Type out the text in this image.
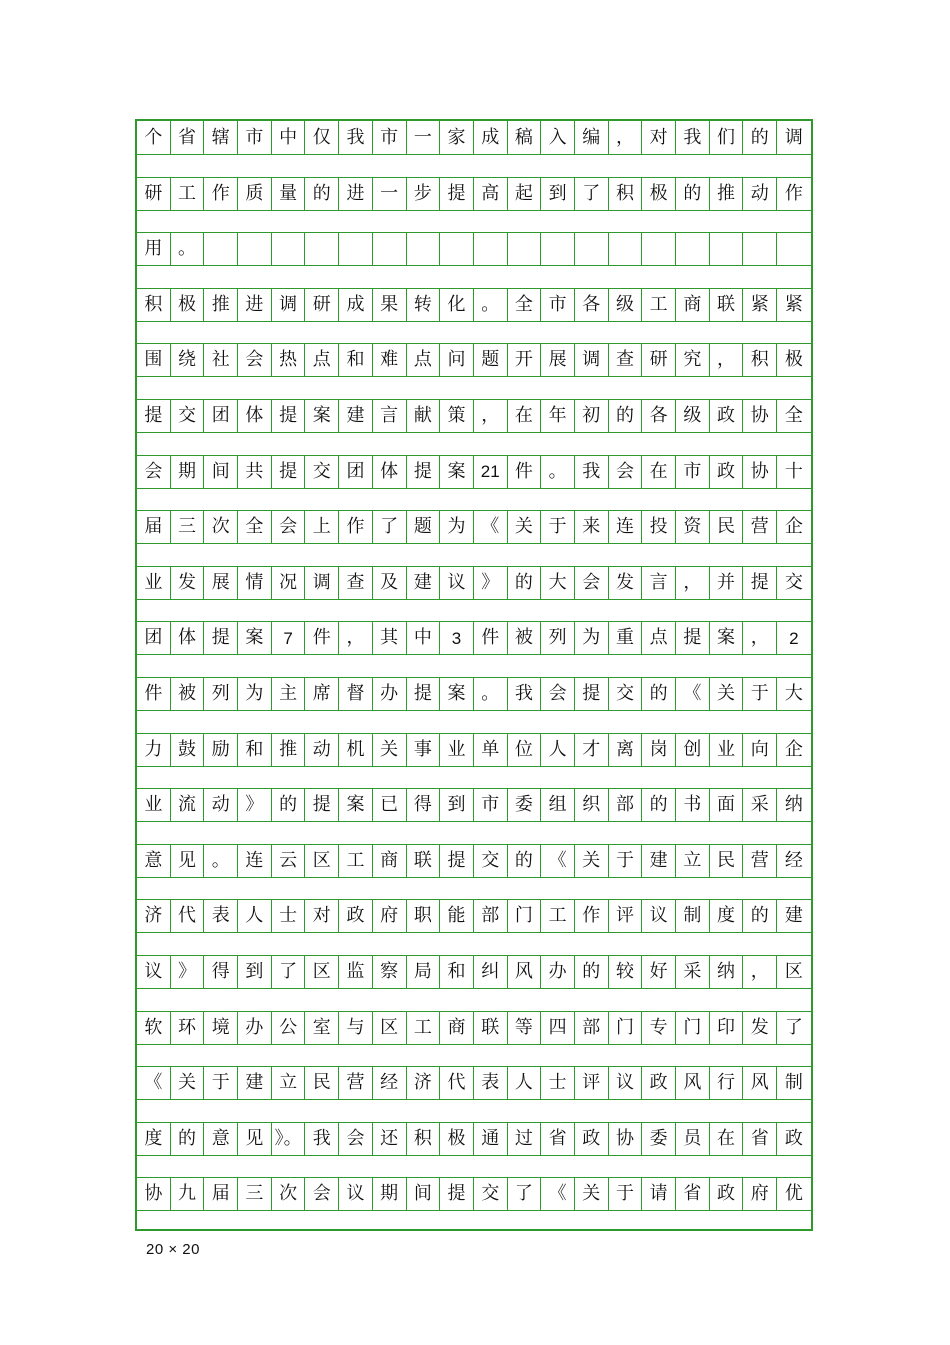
个 省 辖 市 中 仅 我 市 一 家 成 稿 入 编 ， 对 我 们 的 调
研 工 作 质 量 的 进 一 步 提 高 起 到 了 积 极 的 推 动 作
用 。
积 极 推 进 调 研 成 果 转 化 。 全 市 各 级 工 商 联 紧 紧
围 绕 社 会 热 点 和 难 点 问 题 开 展 调 查 研 究 ， 积 极
提 交 团 体 提 案 建 言 献 策 ， 在 年 初 的 各 级 政 协 全
会 期 间 共 提 交 团 体 提 案 21 件 。 我 会 在 市 政 协 十
届 三 次 全 会 上 作 了 题 为 《 关 于 来 连 投 资 民 营 企
业 发 展 情 况 调 查 及 建 议 》 的 大 会 发 言 ， 并 提 交
团 体 提 案	7	件 ， 其 中	3	件 被 列 为 重 点 提 案 ，	2
件 被 列 为 主 席 督 办 提 案 。 我 会 提 交 的 《 关 于 大
力 鼓 励 和 推 动 机 关 事 业 单 位 人 才 离 岗 创 业 向 企
业 流 动 》 的 提 案 已 得 到 市 委 组 织 部 的 书 面 采 纳
意 见 。 连 云 区 工 商 联 提 交 的 《 关 于 建 立 民 营 经
济 代 表 人 士 对 政 府 职 能 部 门 工 作 评 议 制 度 的 建
议 》 得 到 了 区 监 察 局 和 纠 风 办 的 较 好 采 纳 ， 区
软 环 境 办 公 室 与 区 工 商 联 等 四 部 门 专 门 印 发 了
《 关 于 建 立 民 营 经 济 代 表 人 士 评 议 政 风 行 风 制
度 的 意 见 》。 我 会 还 积 极 通 过 省 政 协 委 员 在 省 政
协 九 届 三 次 会 议 期 间 提 交 了 《 关 于 请 省 政 府 优
20 × 20
